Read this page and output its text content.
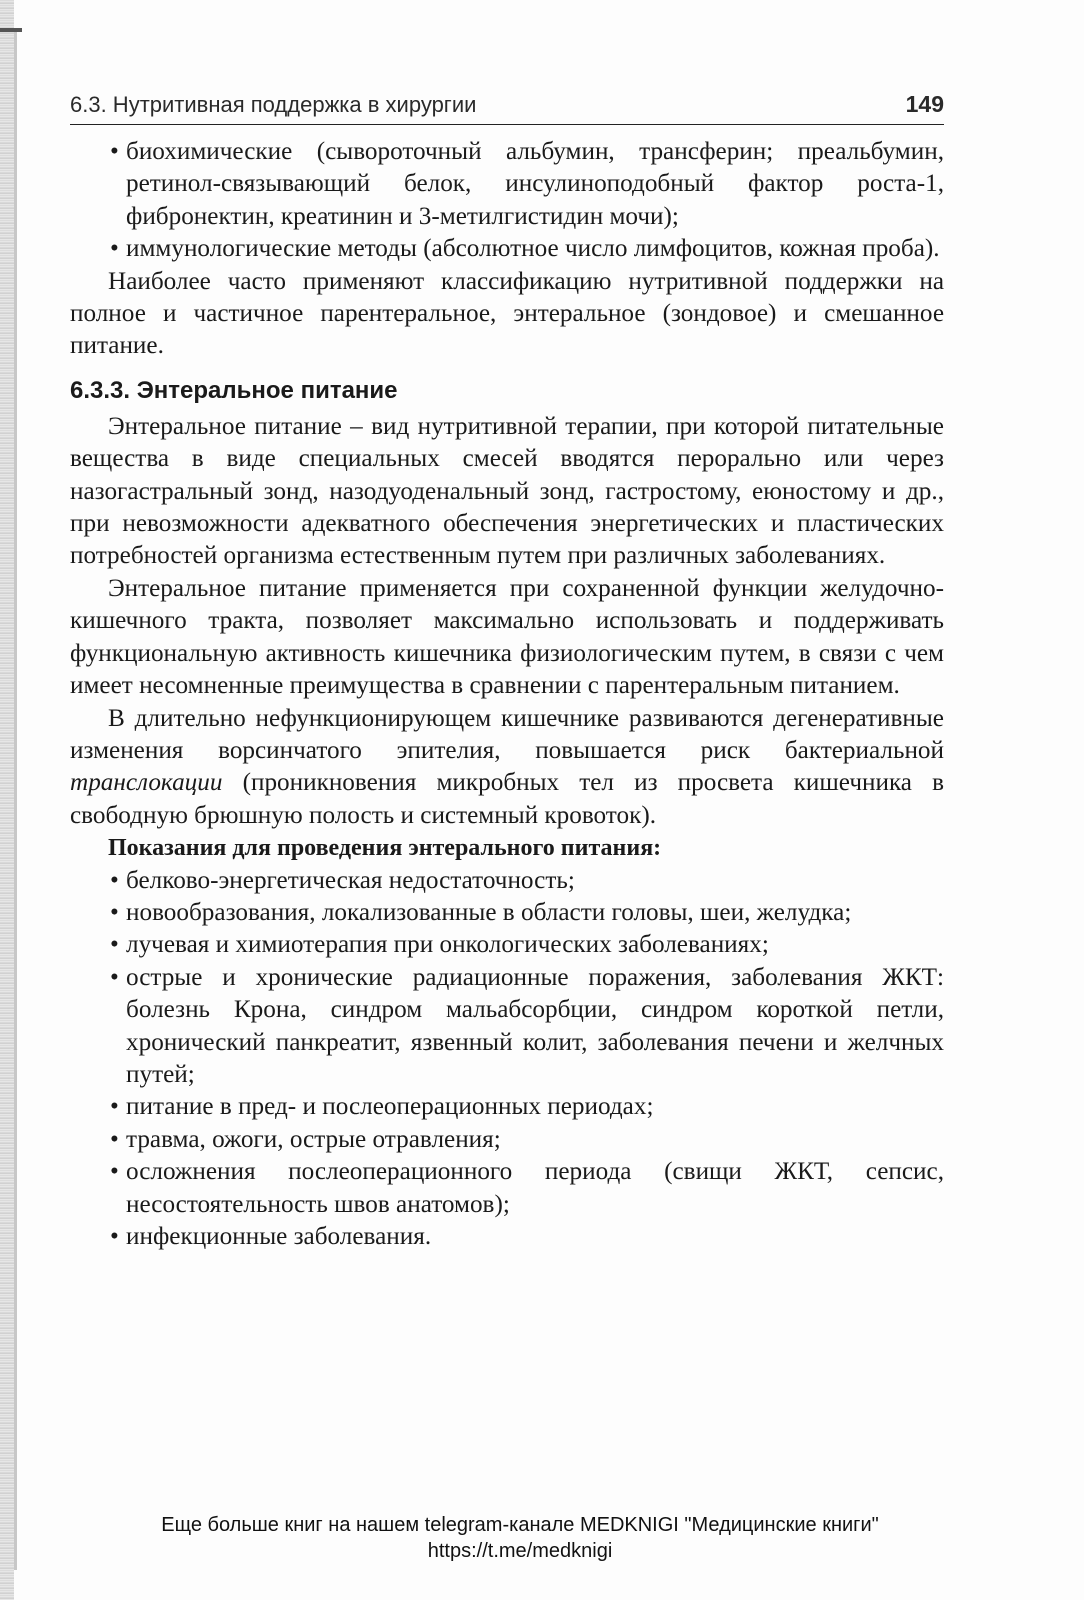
6.3. Нутритивная поддержка в хирургии	149
• биохимические (сывороточный альбумин, трансферин; преальбумин, ретинол-связывающий белок, инсулиноподобный фактор роста-1, фибронектин, креатинин и 3-метилгистидин мочи);
• иммунологические методы (абсолютное число лимфоцитов, кожная проба).
Наиболее часто применяют классификацию нутритивной поддержки на полное и частичное парентеральное, энтеральное (зондовое) и смешанное питание.
6.3.3. Энтеральное питание
Энтеральное питание – вид нутритивной терапии, при которой питательные вещества в виде специальных смесей вводятся перорально или через назогастральный зонд, назодуоденальный зонд, гастростому, еюностому и др., при невозможности адекватного обеспечения энергетических и пластических потребностей организма естественным путем при различных заболеваниях.
Энтеральное питание применяется при сохраненной функции желудочно-кишечного тракта, позволяет максимально использовать и поддерживать функциональную активность кишечника физиологическим путем, в связи с чем имеет несомненные преимущества в сравнении с парентеральным питанием.
В длительно нефункционирующем кишечнике развиваются дегенеративные изменения ворсинчатого эпителия, повышается риск бактериальной транслокации (проникновения микробных тел из просвета кишечника в свободную брюшную полость и системный кровоток).
Показания для проведения энтерального питания:
• белково-энергетическая недостаточность;
• новообразования, локализованные в области головы, шеи, желудка;
• лучевая и химиотерапия при онкологических заболеваниях;
• острые и хронические радиационные поражения, заболевания ЖКТ: болезнь Крона, синдром мальабсорбции, синдром короткой петли, хронический панкреатит, язвенный колит, заболевания печени и желчных путей;
• питание в пред- и послеоперационных периодах;
• травма, ожоги, острые отравления;
• осложнения послеоперационного периода (свищи ЖКТ, сепсис, несостоятельность швов анатомов);
• инфекционные заболевания.
Еще больше книг на нашем telegram-канале MEDKNIGI "Медицинские книги"
https://t.me/medknigi
